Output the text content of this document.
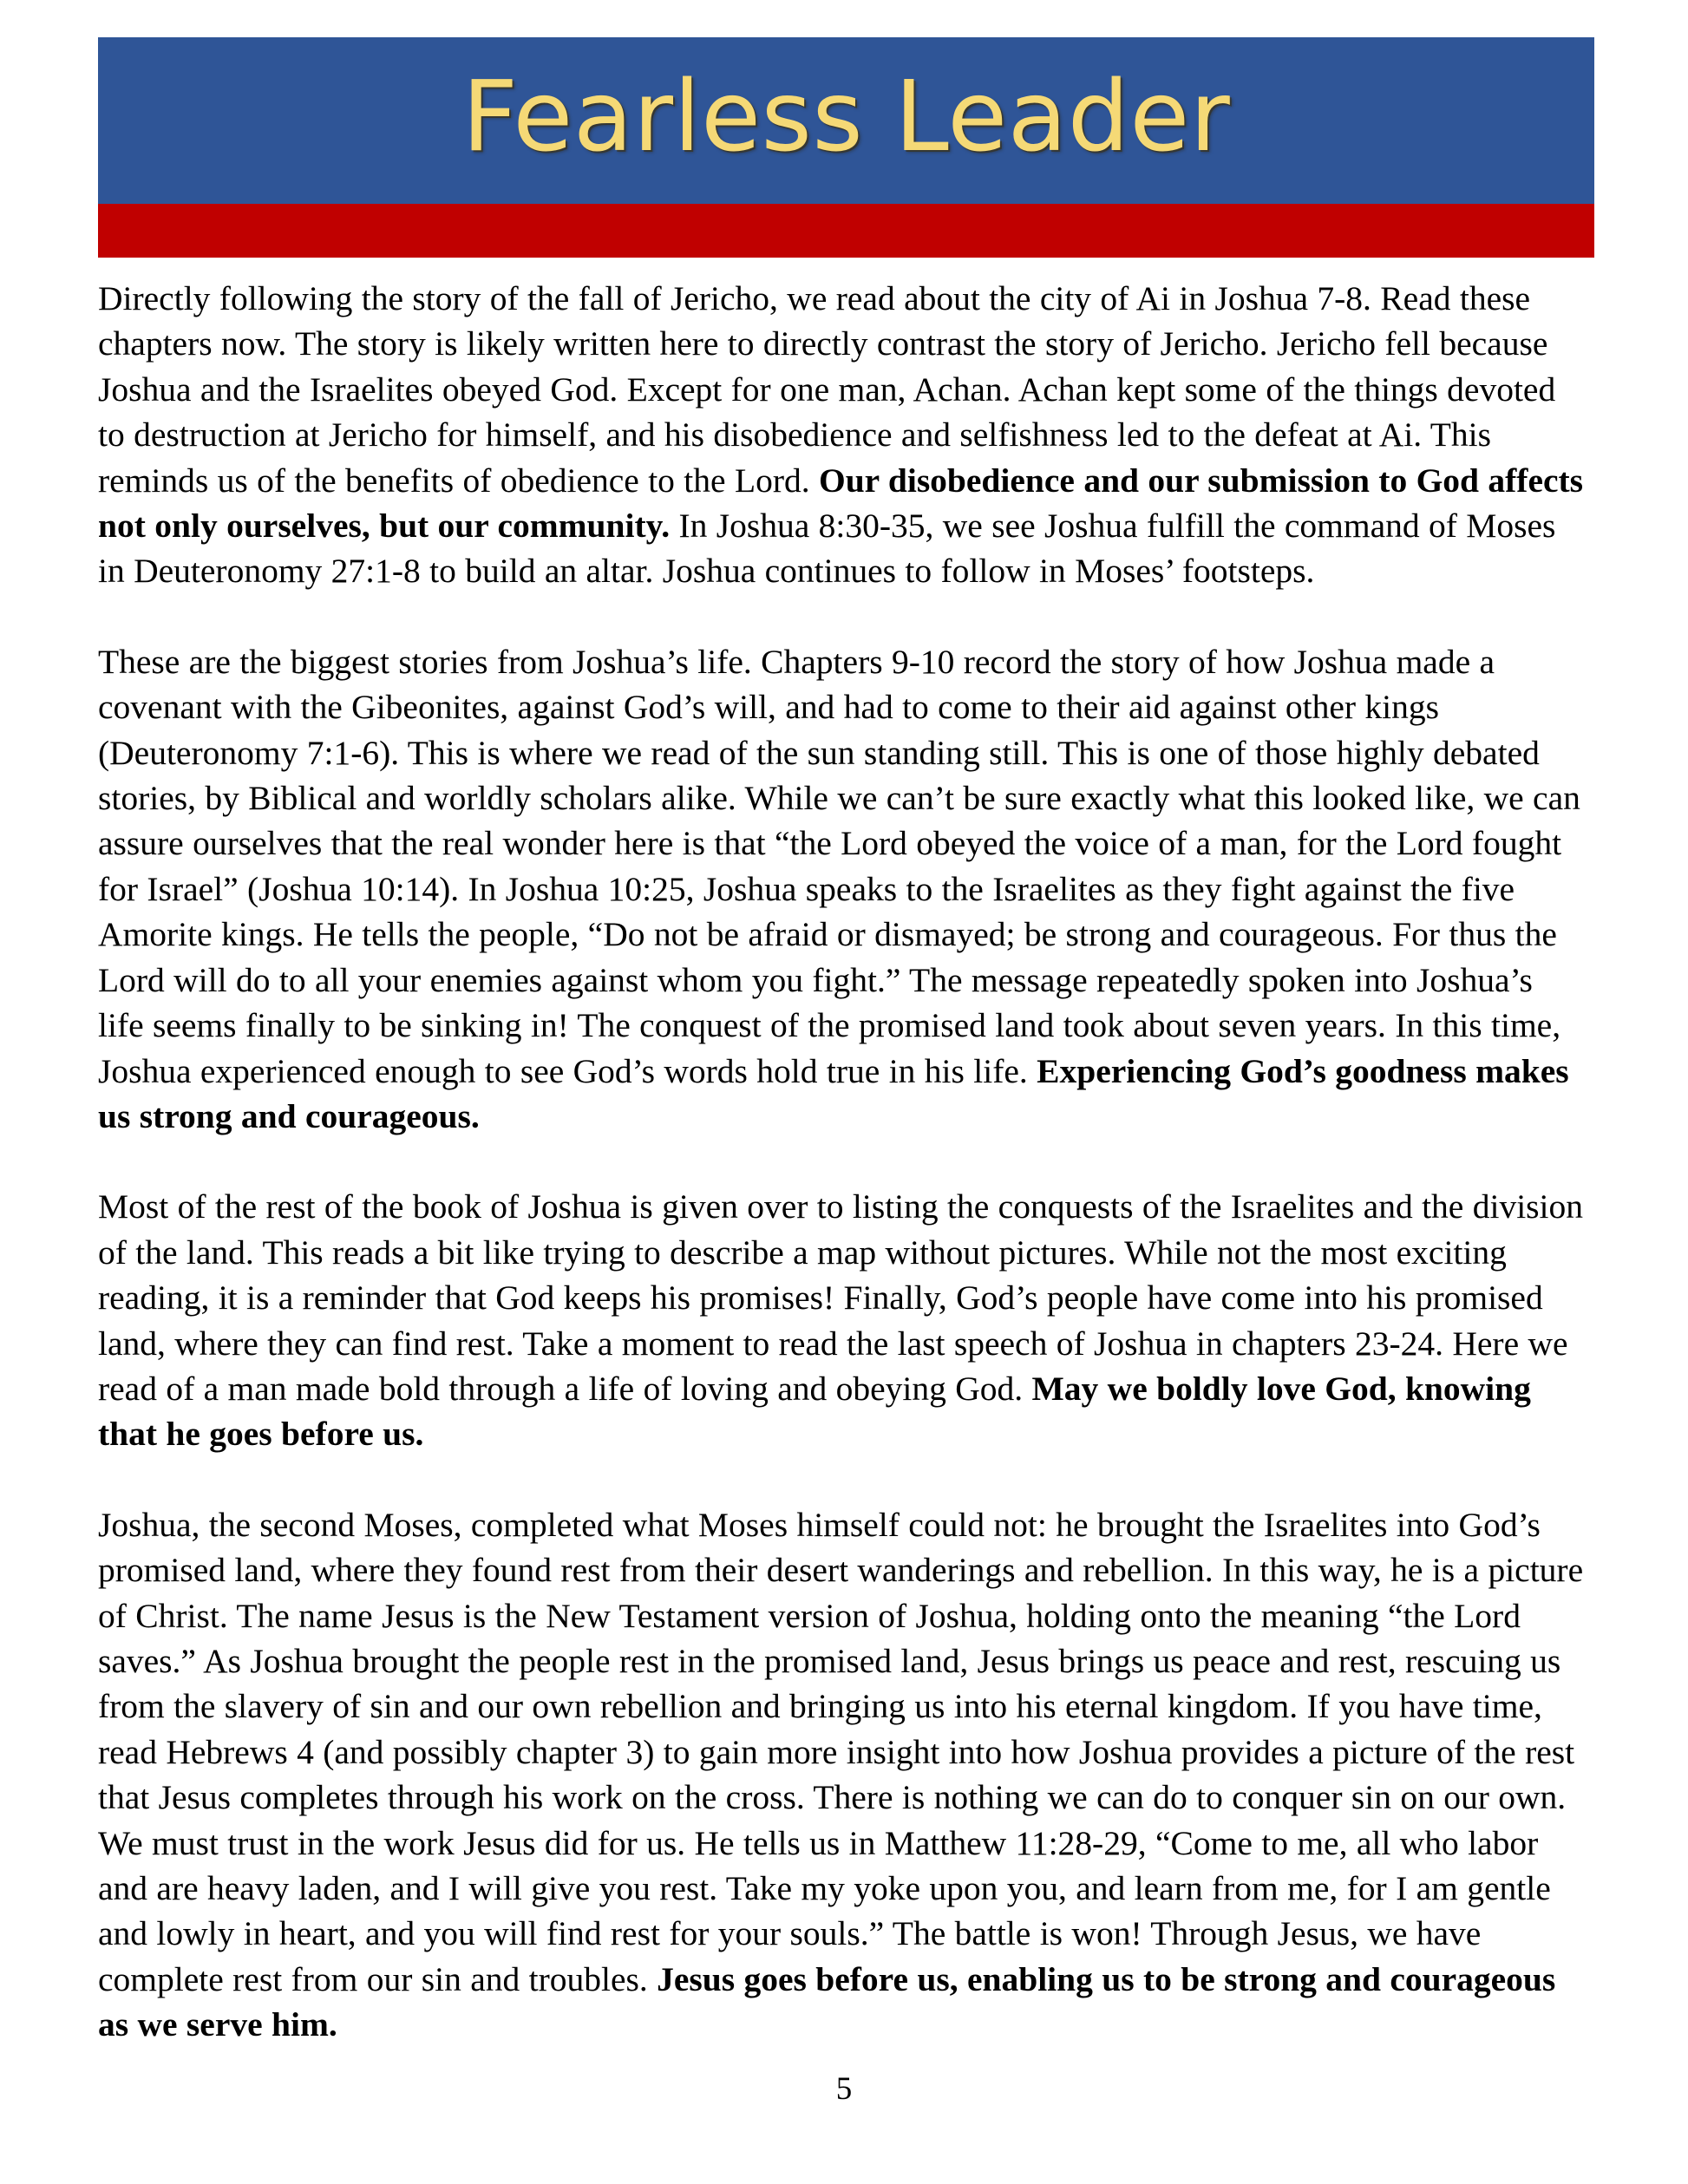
Fearless Leader

Directly following the story of the fall of Jericho, we read about the city of Ai in Joshua 7-8. Read these chapters now. The story is likely written here to directly contrast the story of Jericho. Jericho fell because Joshua and the Israelites obeyed God. Except for one man, Achan. Achan kept some of the things devoted to destruction at Jericho for himself, and his disobedience and selfishness led to the defeat at Ai. This reminds us of the benefits of obedience to the Lord. Our disobedience and our submission to God affects not only ourselves, but our community. In Joshua 8:30-35, we see Joshua fulfill the command of Moses in Deuteronomy 27:1-8 to build an altar. Joshua continues to follow in Moses’ footsteps.

These are the biggest stories from Joshua’s life. Chapters 9-10 record the story of how Joshua made a covenant with the Gibeonites, against God’s will, and had to come to their aid against other kings (Deuteronomy 7:1-6). This is where we read of the sun standing still. This is one of those highly debated stories, by Biblical and worldly scholars alike. While we can’t be sure exactly what this looked like, we can assure ourselves that the real wonder here is that “the Lord obeyed the voice of a man, for the Lord fought for Israel” (Joshua 10:14). In Joshua 10:25, Joshua speaks to the Israelites as they fight against the five Amorite kings. He tells the people, “Do not be afraid or dismayed; be strong and courageous. For thus the Lord will do to all your enemies against whom you fight.” The message repeatedly spoken into Joshua’s life seems finally to be sinking in! The conquest of the promised land took about seven years. In this time, Joshua experienced enough to see God’s words hold true in his life. Experiencing God’s goodness makes us strong and courageous.

Most of the rest of the book of Joshua is given over to listing the conquests of the Israelites and the division of the land. This reads a bit like trying to describe a map without pictures. While not the most exciting reading, it is a reminder that God keeps his promises! Finally, God’s people have come into his promised land, where they can find rest. Take a moment to read the last speech of Joshua in chapters 23-24. Here we read of a man made bold through a life of loving and obeying God. May we boldly love God, knowing that he goes before us.

Joshua, the second Moses, completed what Moses himself could not: he brought the Israelites into God’s promised land, where they found rest from their desert wanderings and rebellion. In this way, he is a picture of Christ. The name Jesus is the New Testament version of Joshua, holding onto the meaning “the Lord saves.” As Joshua brought the people rest in the promised land, Jesus brings us peace and rest, rescuing us from the slavery of sin and our own rebellion and bringing us into his eternal kingdom. If you have time, read Hebrews 4 (and possibly chapter 3) to gain more insight into how Joshua provides a picture of the rest that Jesus completes through his work on the cross. There is nothing we can do to conquer sin on our own. We must trust in the work Jesus did for us. He tells us in Matthew 11:28-29, “Come to me, all who labor and are heavy laden, and I will give you rest. Take my yoke upon you, and learn from me, for I am gentle and lowly in heart, and you will find rest for your souls.” The battle is won! Through Jesus, we have complete rest from our sin and troubles. Jesus goes before us, enabling us to be strong and courageous as we serve him.

5
